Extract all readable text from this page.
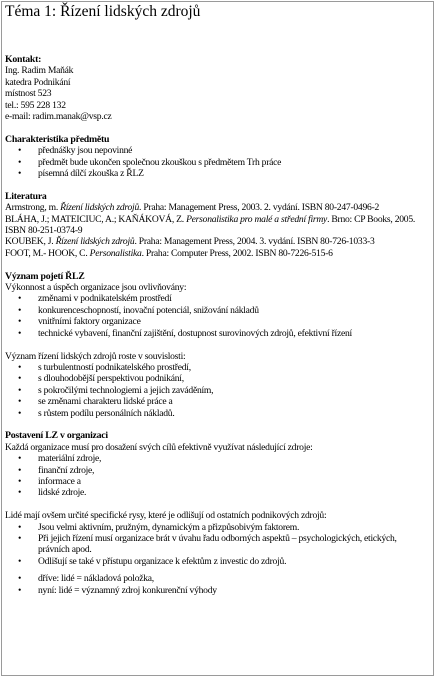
Téma 1: Řízení lidských zdrojů
Kontakt:

Ing. Radim Maňák

katedra Podnikání

místnost 523

tel.: 595 228 132

e-mail: radim.manak@vsp.cz

Charakteristika předmětu
• přednášky jsou nepovinné
• předmět bude ukončen společnou zkouškou s předmětem Trh práce
• písemná dílčí zkouška z ŘLZ
Literatura

Armstrong, m. Řízení lidských zdrojů. Praha: Management Press, 2003. 2. vydání. ISBN 80-247-0496-2

BLÁHA, J.; MATEICIUC, A.; KAŇÁKOVÁ, Z. Personalistika pro malé a střední firmy. Brno: CP Books, 2005. ISBN 80-251-0374-9

KOUBEK, J. Řízení lidských zdrojů. Praha: Management Press, 2004. 3. vydání. ISBN 80-726-1033-3

FOOT, M.- HOOK, C. Personalistika. Praha: Computer Press, 2002. ISBN 80-7226-515-6

Význam pojetí ŘLZ

Výkonnost a úspěch organizace jsou ovlivňovány:

• změnami v podnikatelském prostředí
• konkurenceschopností, inovační potenciál, snižování nákladů
• vnitřními faktory organizace
• technické vybavení, finanční zajištění, dostupnost surovinových zdrojů, efektivní řízení

Význam řízení lidských zdrojů roste v souvislosti:

• s turbulentností podnikatelského prostředí,
• s dlouhodobější perspektivou podnikání,
• s pokročilými technologiemi a jejich zaváděním,
• se změnami charakteru lidské práce a
• s růstem podílu personálních nákladů.
Postavení LZ v organizaci

Každá organizace musí pro dosažení svých cílů efektivně využívat následující zdroje:

• materiální zdroje,
• finanční zdroje,
• informace a
• lidské zdroje.

Lidé mají ovšem určité specifické rysy, které je odlišují od ostatních podnikových zdrojů:

• Jsou velmi aktivním, pružným, dynamickým a přizpůsobivým faktorem.
• Při jejich řízení musí organizace brát v úvahu řadu odborných aspektů – psychologických, etických, právních apod.
• Odlišují se také v přístupu organizace k efektům z investic do zdrojů.
• dříve: lidé = nákladová položka,
• nyní: lidé = významný zdroj konkurenční výhody
